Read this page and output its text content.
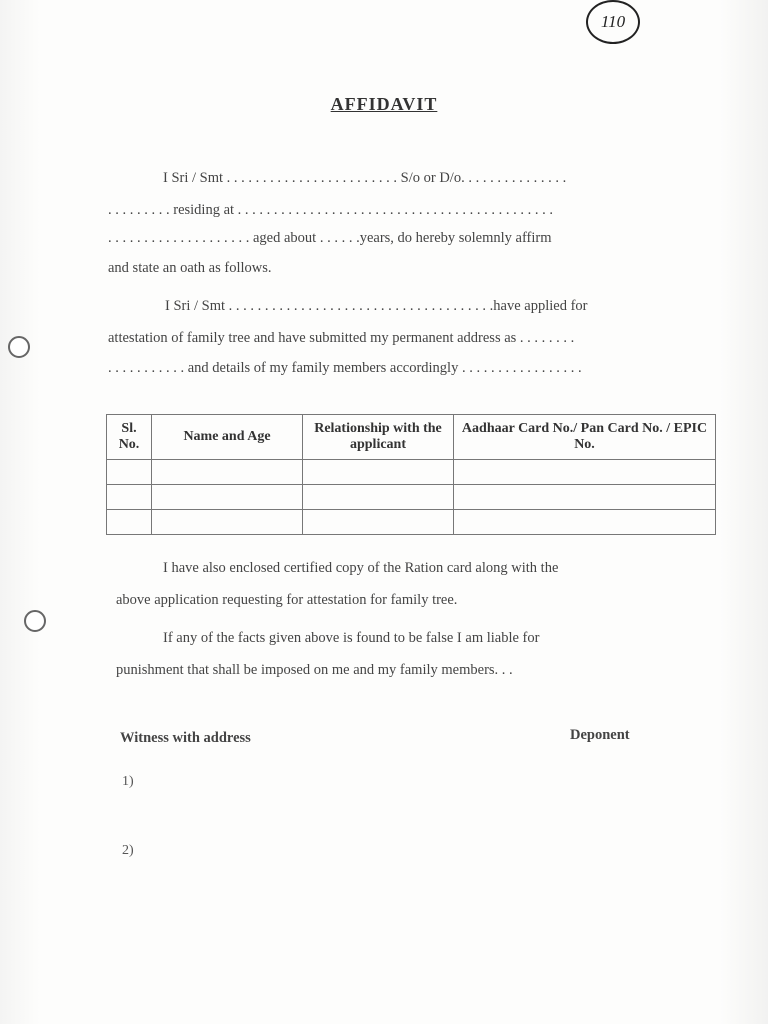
110
AFFIDAVIT
I Sri / Smt . . . . . . . . . . . . . . . . . . . . . . . . S/o or D/o. . . . . . . . . . . . . . .
. . . . . . . . . residing at . . . . . . . . . . . . . . . . . . . . . . . . . . . . . . . . . . . . . . . . . . . .
. . . . . . . . . . . . . . . . . . . . aged about . . . . . .years, do hereby solemnly affirm
and state an oath as follows.
I Sri / Smt . . . . . . . . . . . . . . . . . . . . . . . . . . . . . . . . . . . . .have applied for
attestation of family tree and have submitted my permanent address as . . . . . . . .
. . . . . . . . . . . and details of my family members accordingly . . . . . . . . . . . . . . . . .
Sl. No.	Name and Age	Relationship with the applicant	Aadhaar Card No./ Pan Card No. / EPIC No.

I have also enclosed certified copy of the Ration card along with the
above application requesting for attestation for family tree.
If any of the facts given above is found to be false I am liable for
punishment that shall be imposed on me and my family members. . .
Witness with address	Deponent
1)
2)
